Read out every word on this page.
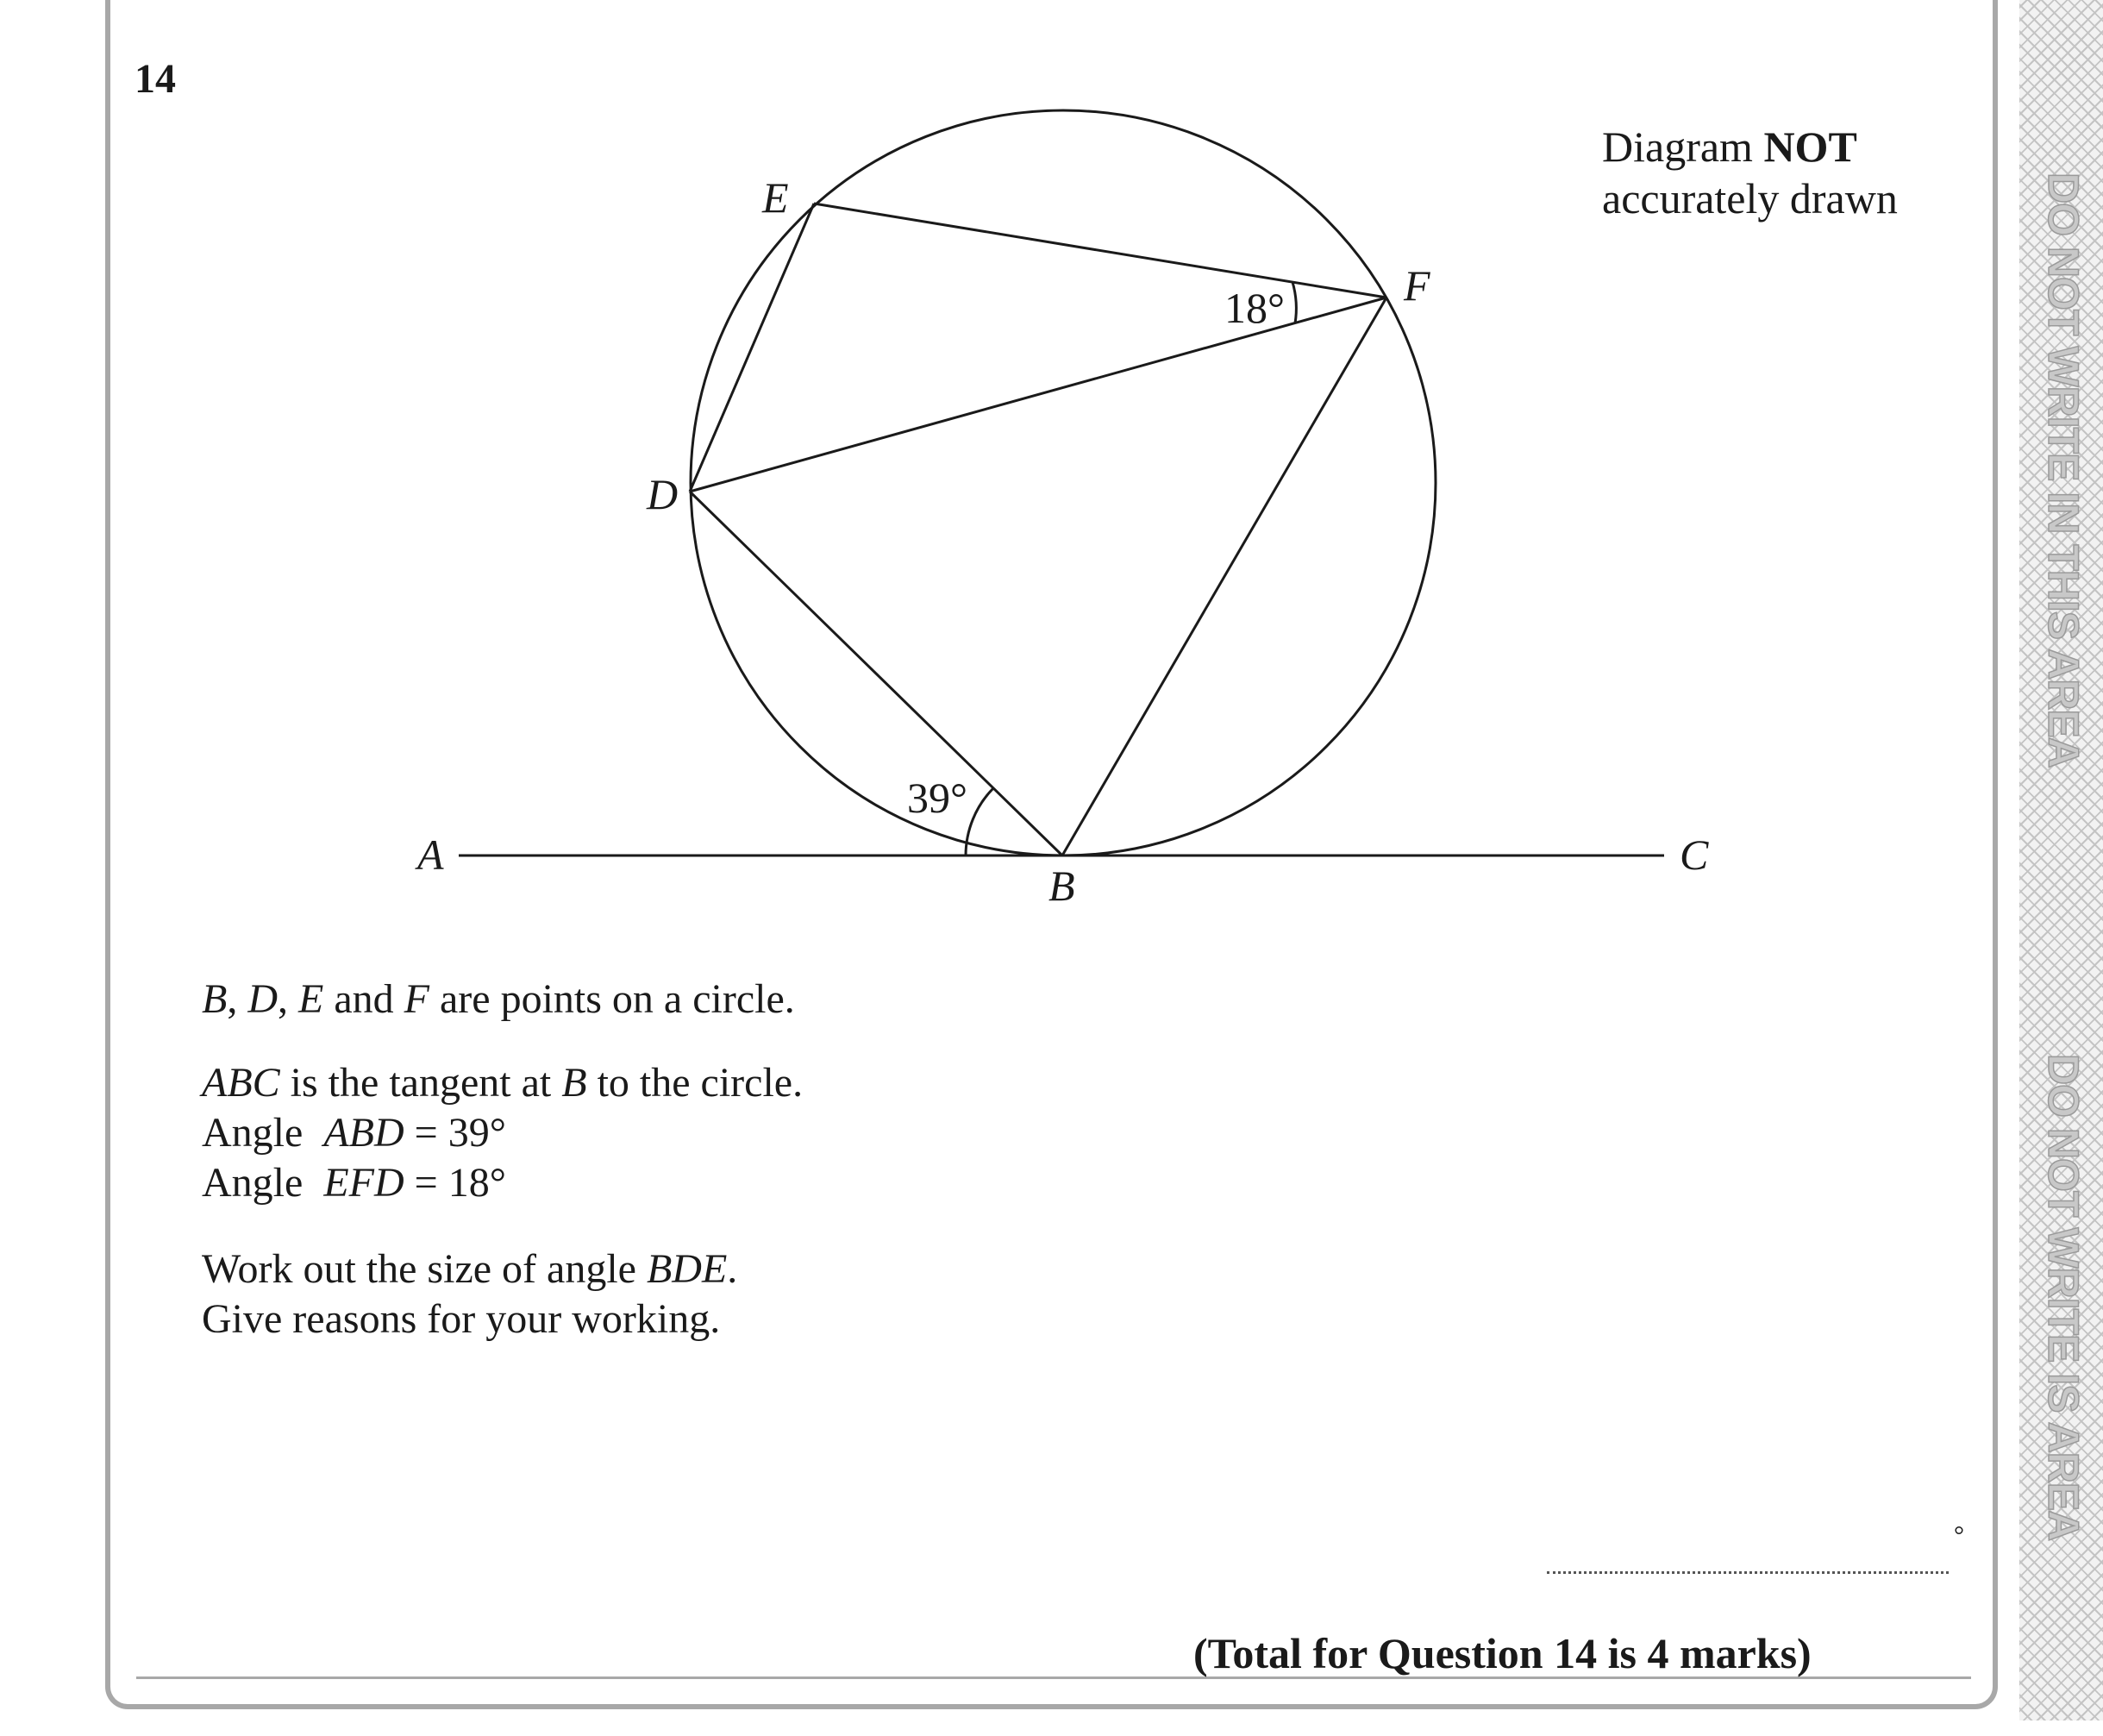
14
Diagram NOT
accurately drawn
39°
18°
A
B
C
D
E
F
B, D, E and F are points on a circle.
ABC is the tangent at B to the circle.
Angle  ABD = 39°
Angle  EFD = 18°
Work out the size of angle BDE.
Give reasons for your working.
°
(Total for Question 14 is 4 marks)
DO NOT WRITE IN THIS AREA
DO NOT WRITE IS AREA
